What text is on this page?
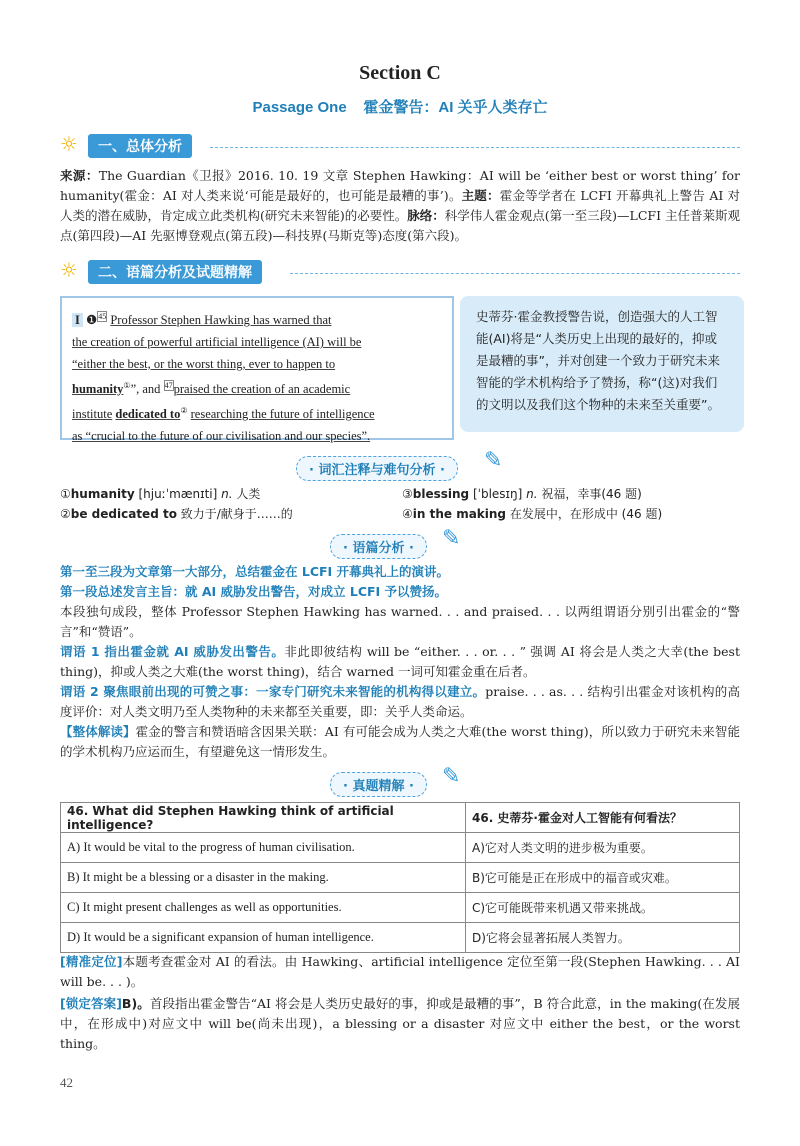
Section C
Passage One 霍金警告：AI 关乎人类存亡
☼	一、总体分析
来源：The Guardian《卫报》2016. 10. 19 文章 Stephen Hawking：AI will be ‘either best or worst thing’ for humanity(霍金：AI 对人类来说‘可能是最好的，也可能是最糟的事’)。主题：霍金等学者在 LCFI 开幕典礼上警告 AI 对人类的潜在威胁，肯定成立此类机构(研究未来智能)的必要性。脉络：科学伟人霍金观点(第一至三段)—LCFI 主任普莱斯观点(第四段)—AI 先驱博登观点(第五段)—科技界(马斯克等)态度(第六段)。
☼	二、语篇分析及试题精解
I ❶$^{45}$ Professor Stephen Hawking has warned that
the creation of powerful artificial intelligence (AI) will be
“either the best, or the worst thing, ever to happen to
humanity①”, and $^{47}$praised the creation of an academic
institute dedicated to② researching the future of intelligence
as “crucial to the future of our civilisation and our species”.
史蒂芬·霍金教授警告说，创造强大的人工智能(AI)将是“人类历史上出现的最好的，抑或是最糟的事”，并对创建一个致力于研究未来智能的学术机构给予了赞扬，称“(这)对我们的文明以及我们这个物种的未来至关重要”。
· 词汇注释与难句分析 ·	✎
①humanity [hjuːˈmænɪti] n. 人类
②be dedicated to 致力于/献身于……的
③blessing [ˈblesɪŋ] n. 祝福，幸事(46 题)
④in the making 在发展中，在形成中 (46 题)
· 语篇分析 ·	✎
第一至三段为文章第一大部分，总结霍金在 LCFI 开幕典礼上的演讲。
第一段总述发言主旨：就 AI 威胁发出警告，对成立 LCFI 予以赞扬。
本段独句成段，整体 Professor Stephen Hawking has warned. . . and praised. . . 以两组谓语分别引出霍金的“警言”和“赞语”。
谓语 1 指出霍金就 AI 威胁发出警告。非此即彼结构 will be “either. . . or. . . ” 强调 AI 将会是人类之大幸(the best thing)，抑或人类之大难(the worst thing)，结合 warned 一词可知霍金重在后者。
谓语 2 聚焦眼前出现的可赞之事：一家专门研究未来智能的机构得以建立。praise. . . as. . . 结构引出霍金对该机构的高度评价：对人类文明乃至人类物种的未来都至关重要，即：关乎人类命运。
【整体解读】霍金的警言和赞语暗含因果关联：AI 有可能会成为人类之大难(the worst thing)，所以致力于研究未来智能的学术机构乃应运而生，有望避免这一情形发生。
· 真题精解 ·	✎
46. What did Stephen Hawking think of artificial intelligence?	46. 史蒂芬·霍金对人工智能有何看法？
A) It would be vital to the progress of human civilisation.	A)它对人类文明的进步极为重要。
B) It might be a blessing or a disaster in the making.	B)它可能是正在形成中的福音或灾难。
C) It might present challenges as well as opportunities.	C)它可能既带来机遇又带来挑战。
D) It would be a significant expansion of human intelligence.	D)它将会显著拓展人类智力。
[精准定位]本题考查霍金对 AI 的看法。由 Hawking、artificial intelligence 定位至第一段(Stephen Hawking. . . AI will be. . . )。
[锁定答案]B)。首段指出霍金警告“AI 将会是人类历史最好的事，抑或是最糟的事”，B 符合此意，in the making(在发展中，在形成中)对应文中 will be(尚未出现)，a blessing or a disaster 对应文中 either the best，or the worst thing。
42
